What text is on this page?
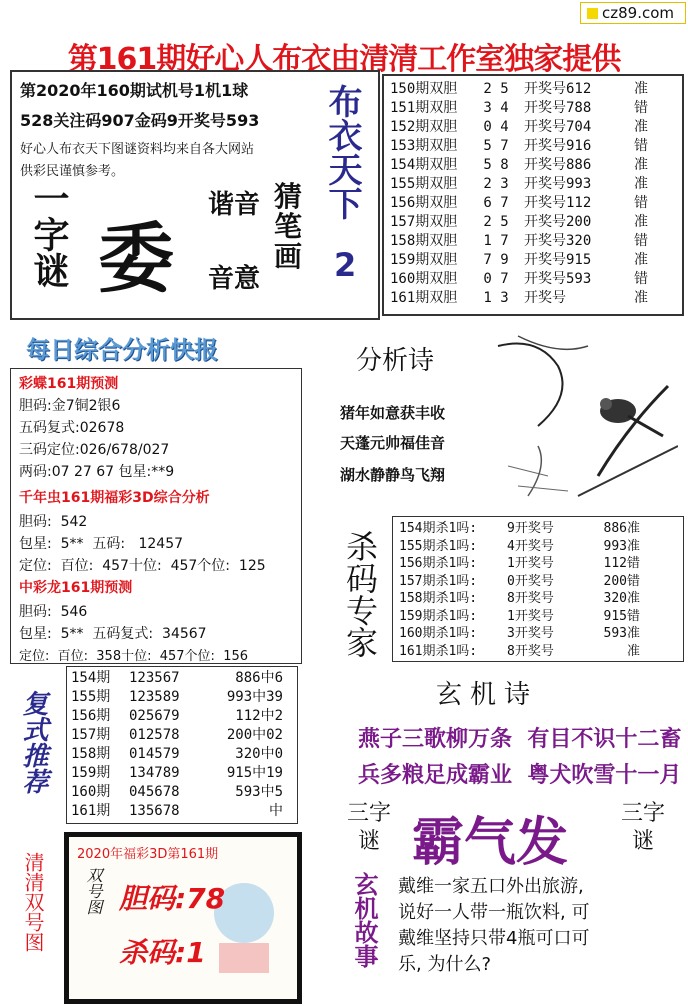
cz89.com
第161期好心人布衣由清清工作室独家提供
第2020年160期试机号1机1球
528关注码907金码9开奖号593
好心人布衣天下图谜资料均来自各大网站
供彩民谨慎参考。
一字谜 委
谐音 猜笔画
音意
布衣天下
2
150期双胆 2 5 开奖号612	准
151期双胆 3 4 开奖号788	错
152期双胆 0 4 开奖号704	准
153期双胆 5 7 开奖号916	错
154期双胆 5 8 开奖号886	准
155期双胆 2 3 开奖号993	准
156期双胆 6 7 开奖号112	错
157期双胆 2 5 开奖号200	准
158期双胆 1 7 开奖号320	错
159期双胆 7 9 开奖号915	准
160期双胆 0 7 开奖号593	错
161期双胆 1 3 开奖号	准
每日综合分析快报
彩蝶161期预测
胆码:金7铜2银6
五码复式:02678
三码定位:026/678/027
两码:07 27 67 包星:**9
千年虫161期福彩3D综合分析
胆码:  542
包星:  5**  五码:   12457
定位:  百位:  457十位:  457个位:  125
中彩龙161期预测
胆码:  546
包星:  5**  五码复式:  34567
定位:  百位:  358十位:  457个位:  156
分析诗
猪年如意获丰收
天蓬元帅福佳音
湖水静静鸟飞翔
杀码专家
154期杀1吗: 9开奖号	886准
155期杀1吗: 4开奖号	993准
156期杀1吗: 1开奖号	112错
157期杀1吗: 0开奖号	200错
158期杀1吗: 8开奖号	320准
159期杀1吗: 1开奖号	915错
160期杀1吗: 3开奖号	593准
161期杀1吗: 8开奖号	准
复式推荐
154期 123567	886中6
155期 123589	993中39
156期 025679	112中2
157期 012578	200中02
158期 014579	320中0
159期 134789	915中19
160期 045678	593中5
161期 135678	中
玄机诗
燕子三歌柳万条  有目不识十二畜
兵多粮足成霸业  粤犬吹雪十一月
三字谜 霸气发 三字谜
清清双号图 2020年福彩3D第161期
双号图 胆码:78
杀码:1	玄机故事 戴维一家五口外出旅游,
说好一人带一瓶饮料, 可
戴维坚持只带4瓶可口可
乐, 为什么?
